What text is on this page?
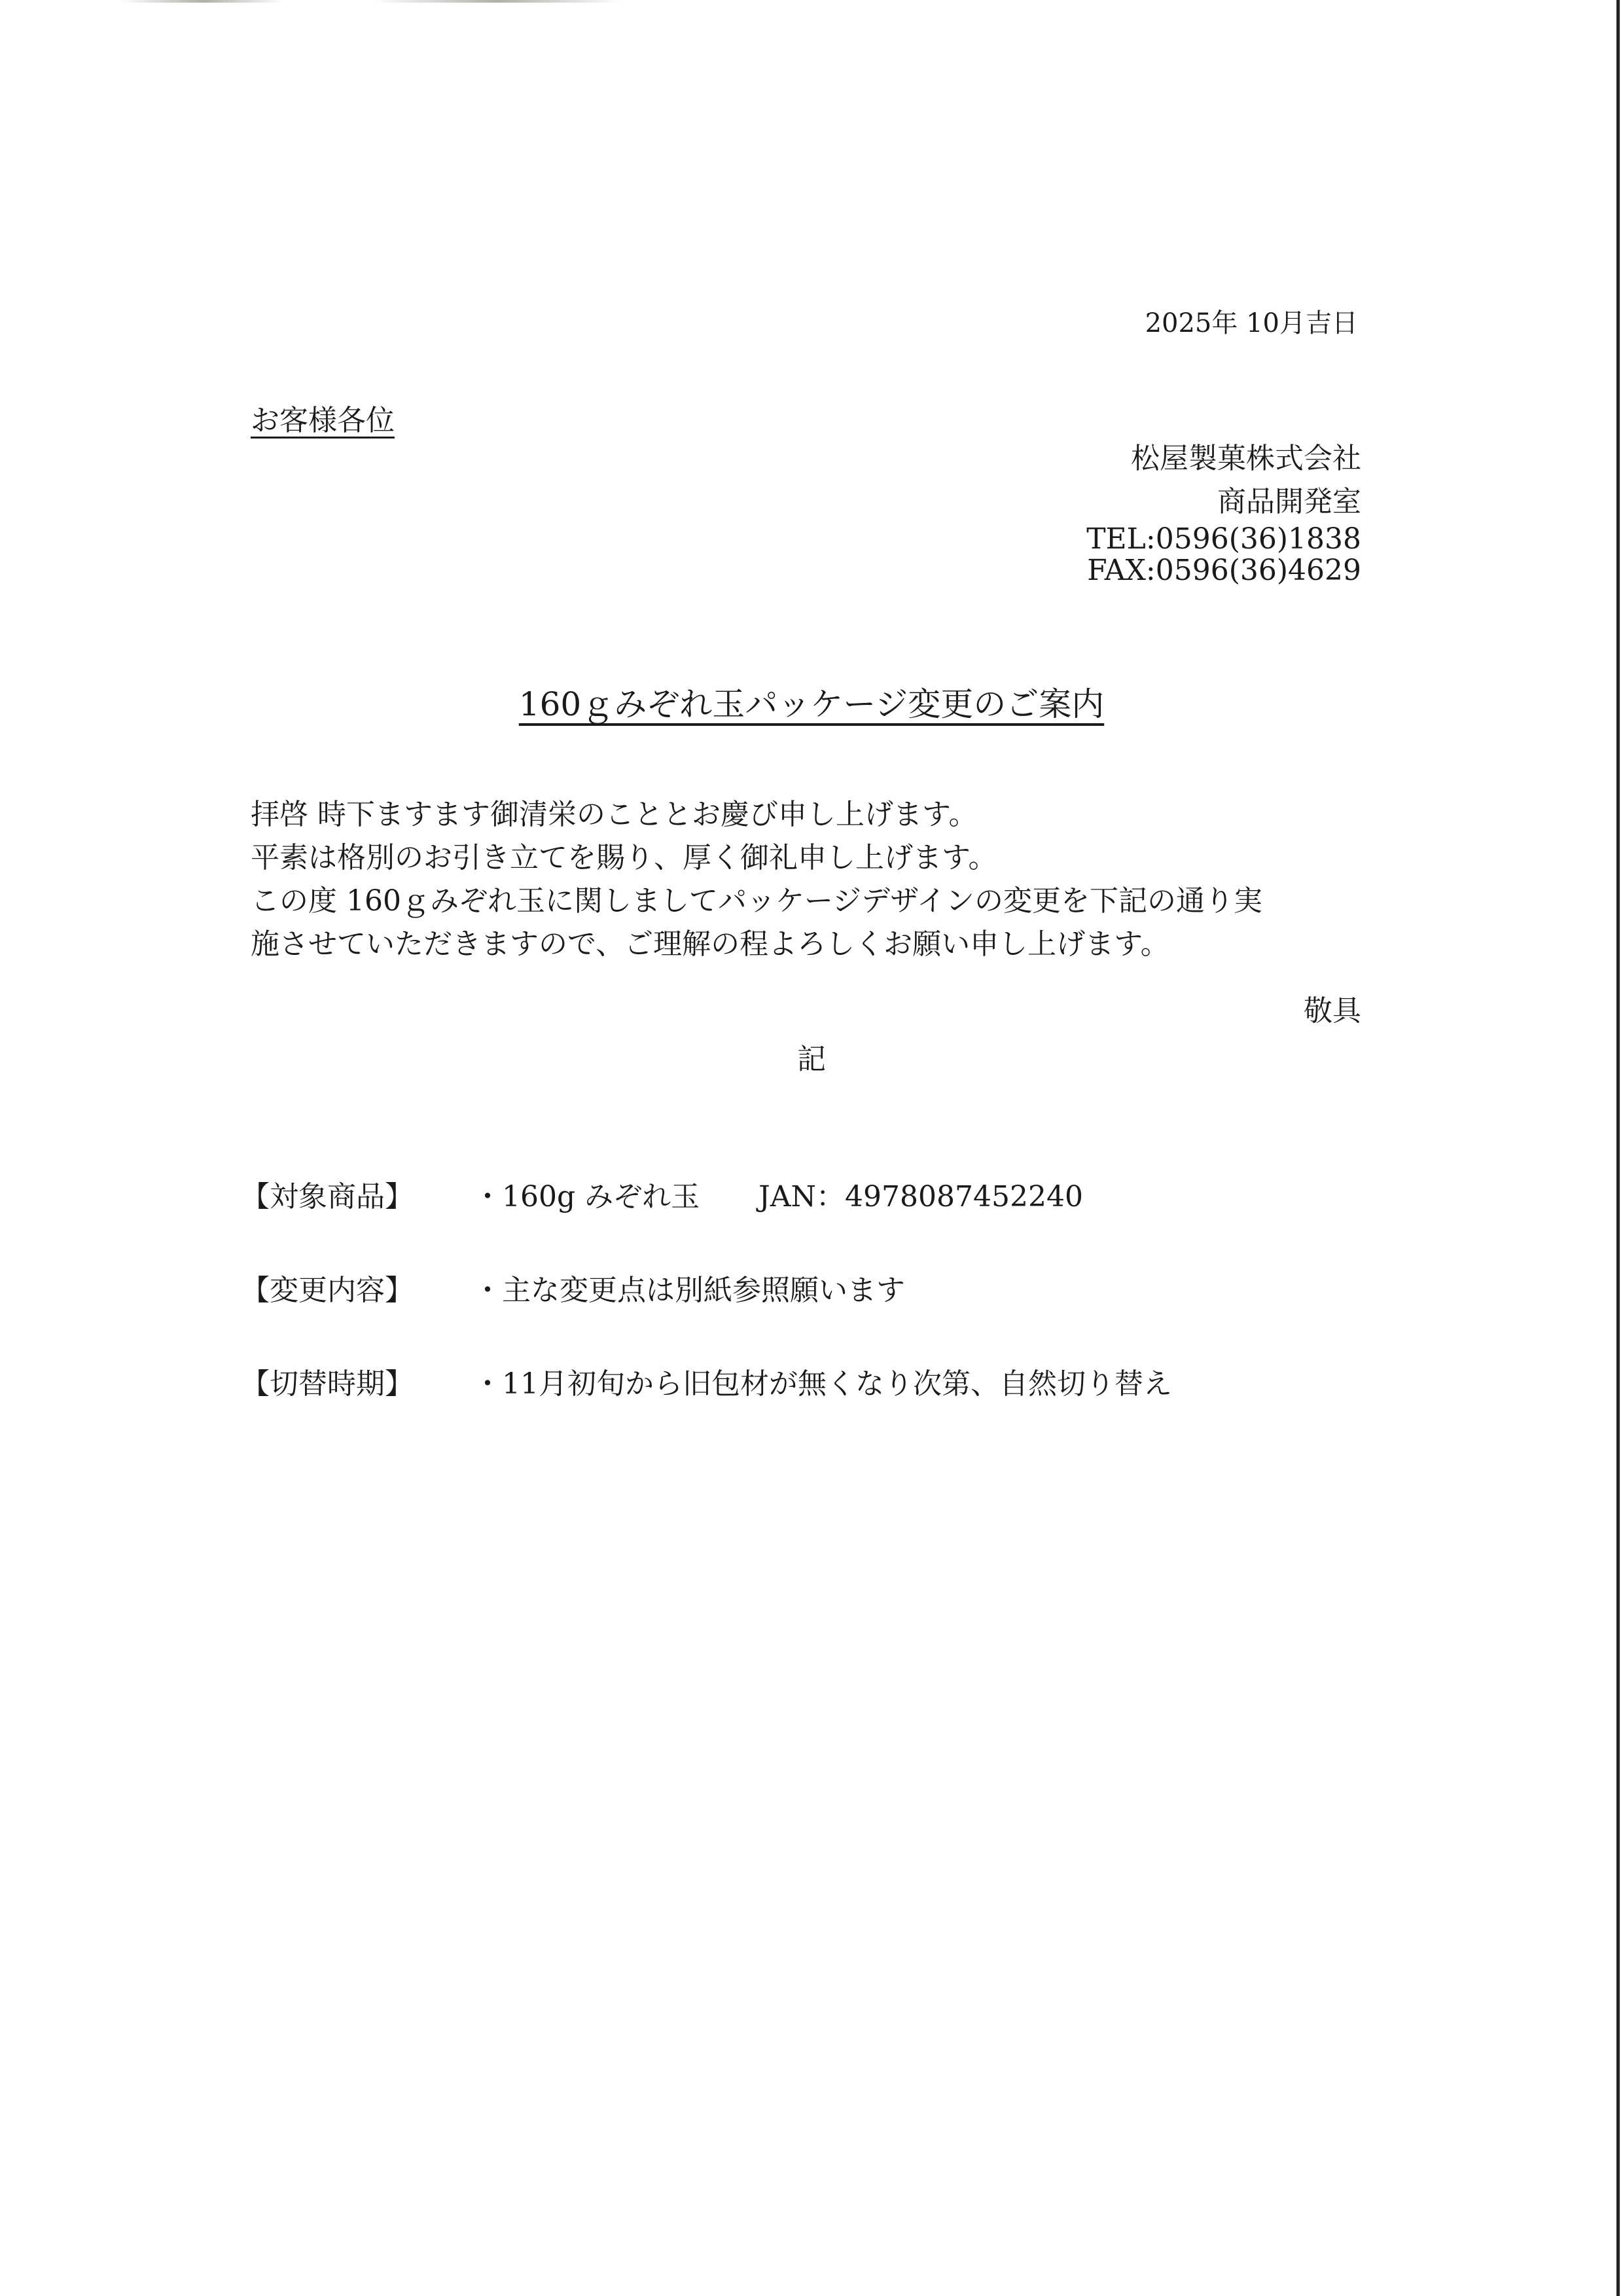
2025年 10月吉日
お客様各位
松屋製菓株式会社
商品開発室
TEL:0596(36)1838
FAX:0596(36)4629
160ｇみぞれ玉パッケージ変更のご案内

拝啓 時下ますます御清栄のこととお慶び申し上げます。

平素は格別のお引き立てを賜り、厚く御礼申し上げます。

この度 160ｇみぞれ玉に関しましてパッケージデザインの変更を下記の通り実

施させていただきますので、ご理解の程よろしくお願い申し上げます。

敬具
記
【対象商品】	・160g みぞれ玉 JAN：4978087452240
【変更内容】	・主な変更点は別紙参照願います
【切替時期】	・11月初旬から旧包材が無くなり次第、自然切り替え
